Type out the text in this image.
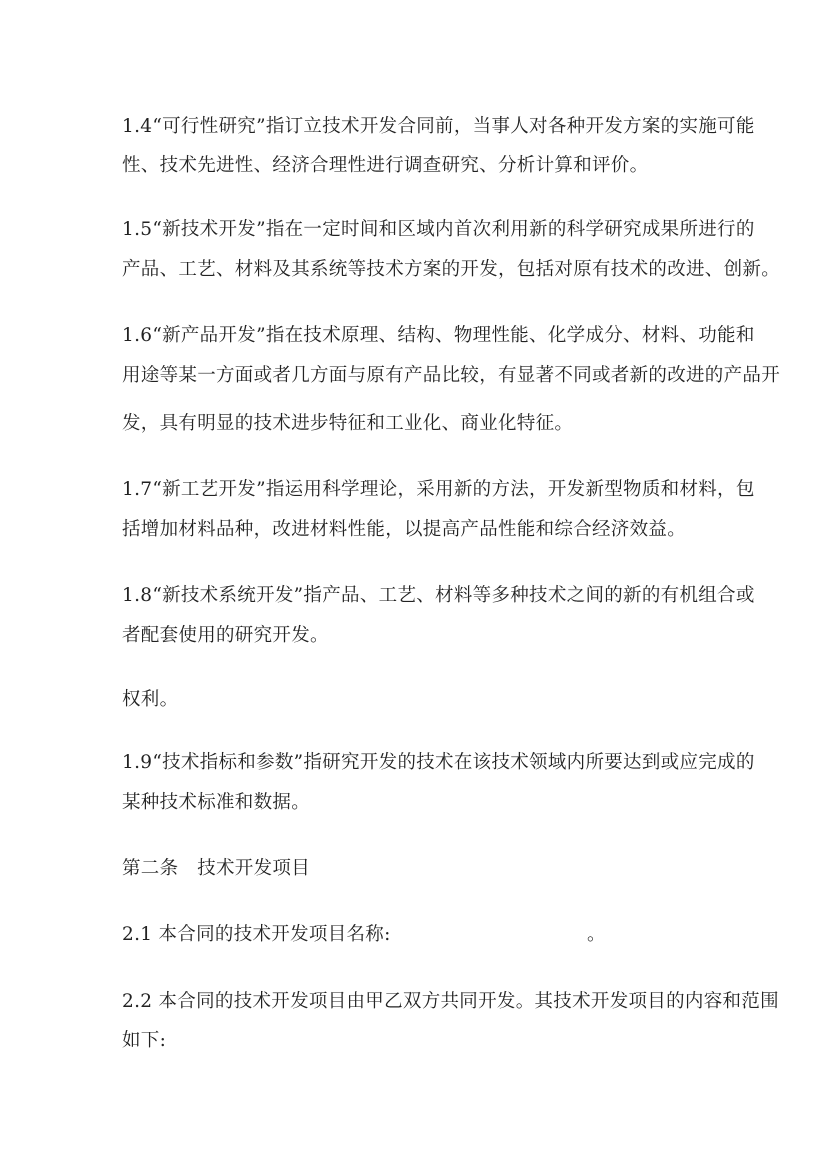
1.4“可行性研究”指订立技术开发合同前，当事人对各种开发方案的实施可能
性、技术先进性、经济合理性进行调查研究、分析计算和评价。
1.5“新技术开发”指在一定时间和区域内首次利用新的科学研究成果所进行的
产品、工艺、材料及其系统等技术方案的开发，包括对原有技术的改进、创新。
1.6“新产品开发”指在技术原理、结构、物理性能、化学成分、材料、功能和
用途等某一方面或者几方面与原有产品比较，有显著不同或者新的改进的产品开
发，具有明显的技术进步特征和工业化、商业化特征。
1.7“新工艺开发”指运用科学理论，采用新的方法，开发新型物质和材料，包
括增加材料品种，改进材料性能，以提高产品性能和综合经济效益。
1.8“新技术系统开发”指产品、工艺、材料等多种技术之间的新的有机组合或
者配套使用的研究开发。
权利。
1.9“技术指标和参数”指研究开发的技术在该技术领域内所要达到或应完成的
某种技术标准和数据。
第二条　技术开发项目
2.1 本合同的技术开发项目名称:	。
2.2 本合同的技术开发项目由甲乙双方共同开发。其技术开发项目的内容和范围
如下:
